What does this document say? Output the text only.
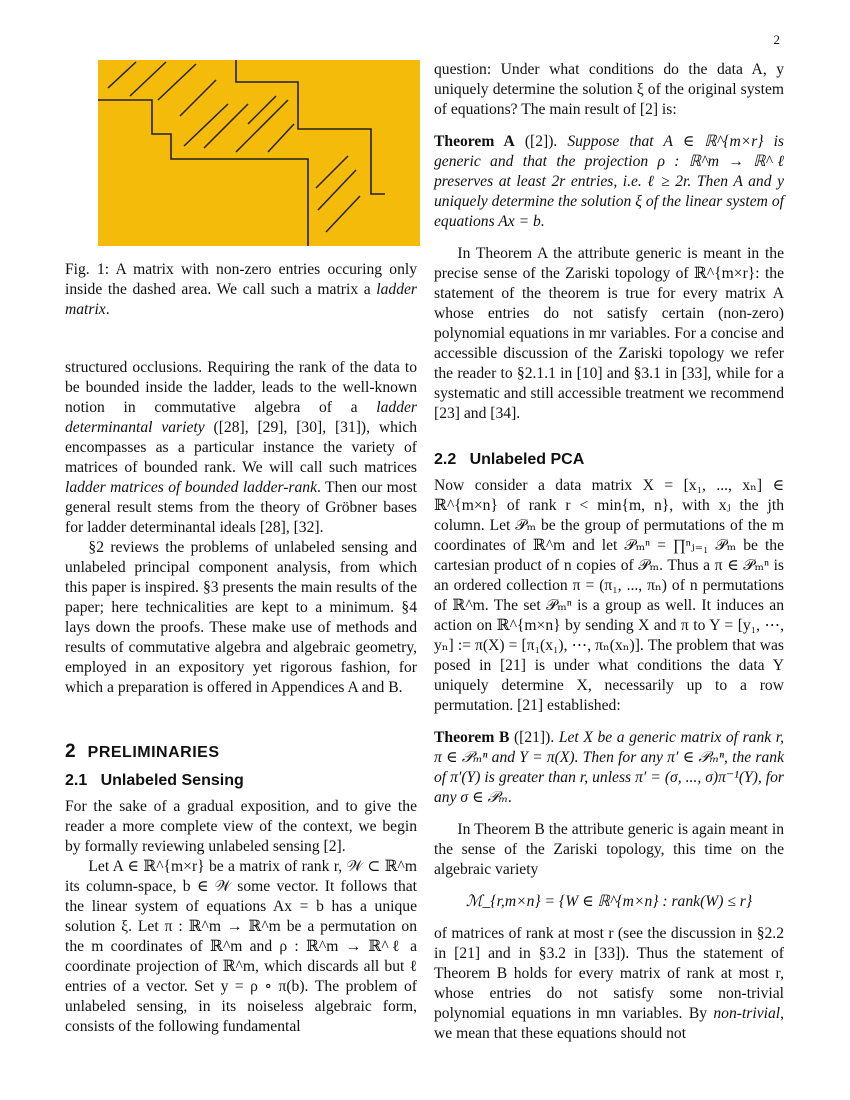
2
Fig. 1: A matrix with non-zero entries occuring only inside the dashed area. We call such a matrix a ladder matrix.

structured occlusions. Requiring the rank of the data to be bounded inside the ladder, leads to the well-known notion in commutative algebra of a ladder determinantal variety ([28], [29], [30], [31]), which encompasses as a particular instance the variety of matrices of bounded rank. We will call such matrices ladder matrices of bounded ladder-rank. Then our most general result stems from the theory of Gröbner bases for ladder determinantal ideals [28], [32].

§2 reviews the problems of unlabeled sensing and unlabeled principal component analysis, from which this paper is inspired. §3 presents the main results of the paper; here technicalities are kept to a minimum. §4 lays down the proofs. These make use of methods and results of commutative algebra and algebraic geometry, employed in an expository yet rigorous fashion, for which a preparation is offered in Appendices A and B.

2 PRELIMINARIES
2.1 Unlabeled Sensing

For the sake of a gradual exposition, and to give the reader a more complete view of the context, we begin by formally reviewing unlabeled sensing [2].

Let A ∈ ℝ^{m×r} be a matrix of rank r, 𝒲 ⊂ ℝ^m its column-space, b ∈ 𝒲 some vector. It follows that the linear system of equations Ax = b has a unique solution ξ. Let π : ℝ^m → ℝ^m be a permutation on the m coordinates of ℝ^m and ρ : ℝ^m → ℝ^ℓ a coordinate projection of ℝ^m, which discards all but ℓ entries of a vector. Set y = ρ ∘ π(b). The problem of unlabeled sensing, in its noiseless algebraic form, consists of the following fundamental

question: Under what conditions do the data A, y uniquely determine the solution ξ of the original system of equations? The main result of [2] is:

Theorem A ([2]). Suppose that A ∈ ℝ^{m×r} is generic and that the projection ρ : ℝ^m → ℝ^ℓ preserves at least 2r entries, i.e. ℓ ≥ 2r. Then A and y uniquely determine the solution ξ of the linear system of equations Ax = b.

In Theorem A the attribute generic is meant in the precise sense of the Zariski topology of ℝ^{m×r}: the statement of the theorem is true for every matrix A whose entries do not satisfy certain (non-zero) polynomial equations in mr variables. For a concise and accessible discussion of the Zariski topology we refer the reader to §2.1.1 in [10] and §3.1 in [33], while for a systematic and still accessible treatment we recommend [23] and [34].

2.2 Unlabeled PCA

Now consider a data matrix X = [x₁, ..., xₙ] ∈ ℝ^{m×n} of rank r < min{m, n}, with xⱼ the jth column. Let 𝒫ₘ be the group of permutations of the m coordinates of ℝ^m and let 𝒫ₘⁿ = ∏ⁿⱼ₌₁ 𝒫ₘ be the cartesian product of n copies of 𝒫ₘ. Thus a π ∈ 𝒫ₘⁿ is an ordered collection π = (π₁, ..., πₙ) of n permutations of ℝ^m. The set 𝒫ₘⁿ is a group as well. It induces an action on ℝ^{m×n} by sending X and π to Y = [y₁, ⋯, yₙ] := π(X) = [π₁(x₁), ⋯, πₙ(xₙ)]. The problem that was posed in [21] is under what conditions the data Y uniquely determine X, necessarily up to a row permutation. [21] established:

Theorem B ([21]). Let X be a generic matrix of rank r, π ∈ 𝒫ₘⁿ and Y = π(X). Then for any π′ ∈ 𝒫ₘⁿ, the rank of π′(Y) is greater than r, unless π′ = (σ, ..., σ)π⁻¹(Y), for any σ ∈ 𝒫ₘ.

In Theorem B the attribute generic is again meant in the sense of the Zariski topology, this time on the algebraic variety

ℳ_{r,m×n} = {W ∈ ℝ^{m×n} : rank(W) ≤ r}

of matrices of rank at most r (see the discussion in §2.2 in [21] and in §3.2 in [33]). Thus the statement of Theorem B holds for every matrix of rank at most r, whose entries do not satisfy some non-trivial polynomial equations in mn variables. By non-trivial, we mean that these equations should not
